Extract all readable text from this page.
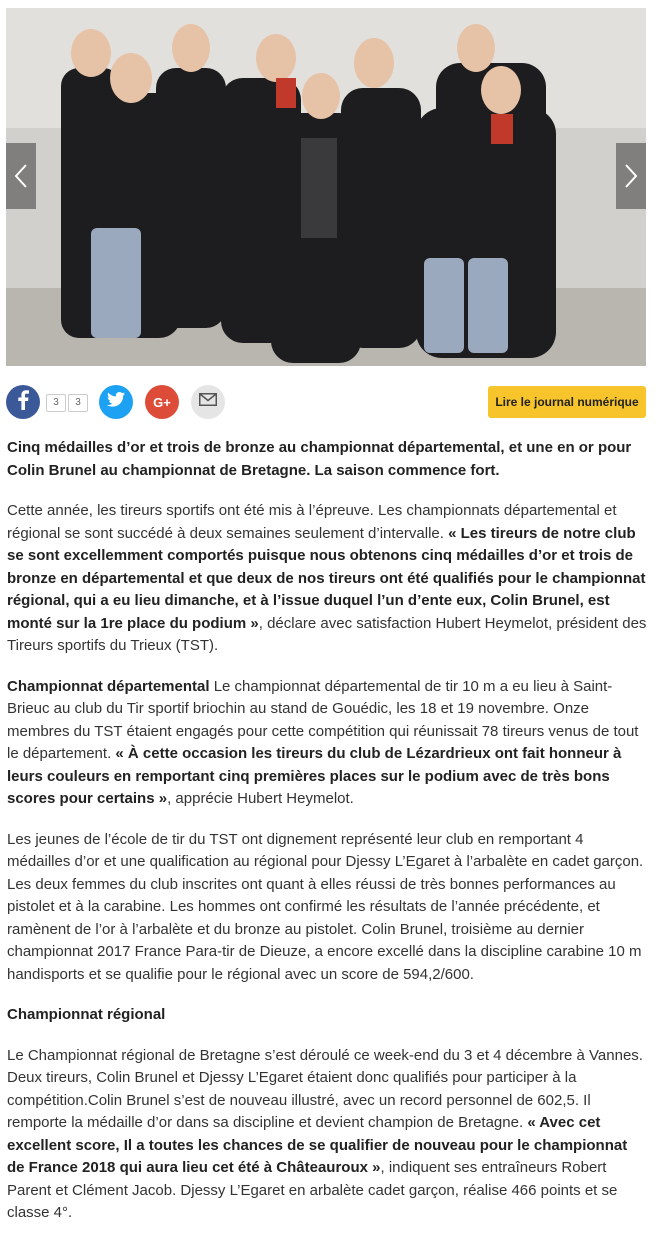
3	3	G+	Lire le journal numérique

Cinq médailles d’or et trois de bronze au championnat départemental, et une en or pour Colin Brunel au championnat de Bretagne. La saison commence fort.

Cette année, les tireurs sportifs ont été mis à l’épreuve. Les championnats départemental et régional se sont succédé à deux semaines seulement d’intervalle. « Les tireurs de notre club se sont excellemment comportés puisque nous obtenons cinq médailles d’or et trois de bronze en départemental et que deux de nos tireurs ont été qualifiés pour le championnat régional, qui a eu lieu dimanche, et à l’issue duquel l’un d’ente eux, Colin Brunel, est monté sur la 1re place du podium », déclare avec satisfaction Hubert Heymelot, président des Tireurs sportifs du Trieux (TST).

Championnat départemental Le championnat départemental de tir 10 m a eu lieu à Saint-Brieuc au club du Tir sportif briochin au stand de Gouédic, les 18 et 19 novembre. Onze membres du TST étaient engagés pour cette compétition qui réunissait 78 tireurs venus de tout le département. « À cette occasion les tireurs du club de Lézardrieux ont fait honneur à leurs couleurs en remportant cinq premières places sur le podium avec de très bons scores pour certains », apprécie Hubert Heymelot.

Les jeunes de l’école de tir du TST ont dignement représenté leur club en remportant 4 médailles d’or et une qualification au régional pour Djessy L’Egaret à l’arbalète en cadet garçon. Les deux femmes du club inscrites ont quant à elles réussi de très bonnes performances au pistolet et à la carabine. Les hommes ont confirmé les résultats de l’année précédente, et ramènent de l’or à l’arbalète et du bronze au pistolet. Colin Brunel, troisième au dernier championnat 2017 France Para-tir de Dieuze, a encore excellé dans la discipline carabine 10 m handisports et se qualifie pour le régional avec un score de 594,2/600.

Championnat régional

Le Championnat régional de Bretagne s’est déroulé ce week-end du 3 et 4 décembre à Vannes. Deux tireurs, Colin Brunel et Djessy L’Egaret étaient donc qualifiés pour participer à la compétition.Colin Brunel s’est de nouveau illustré, avec un record personnel de 602,5. Il remporte la médaille d’or dans sa discipline et devient champion de Bretagne. « Avec cet excellent score, Il a toutes les chances de se qualifier de nouveau pour le championnat de France 2018 qui aura lieu cet été à Châteauroux », indiquent ses entraîneurs Robert Parent et Clément Jacob. Djessy L’Egaret en arbalète cadet garçon, réalise 466 points et se classe 4°.
